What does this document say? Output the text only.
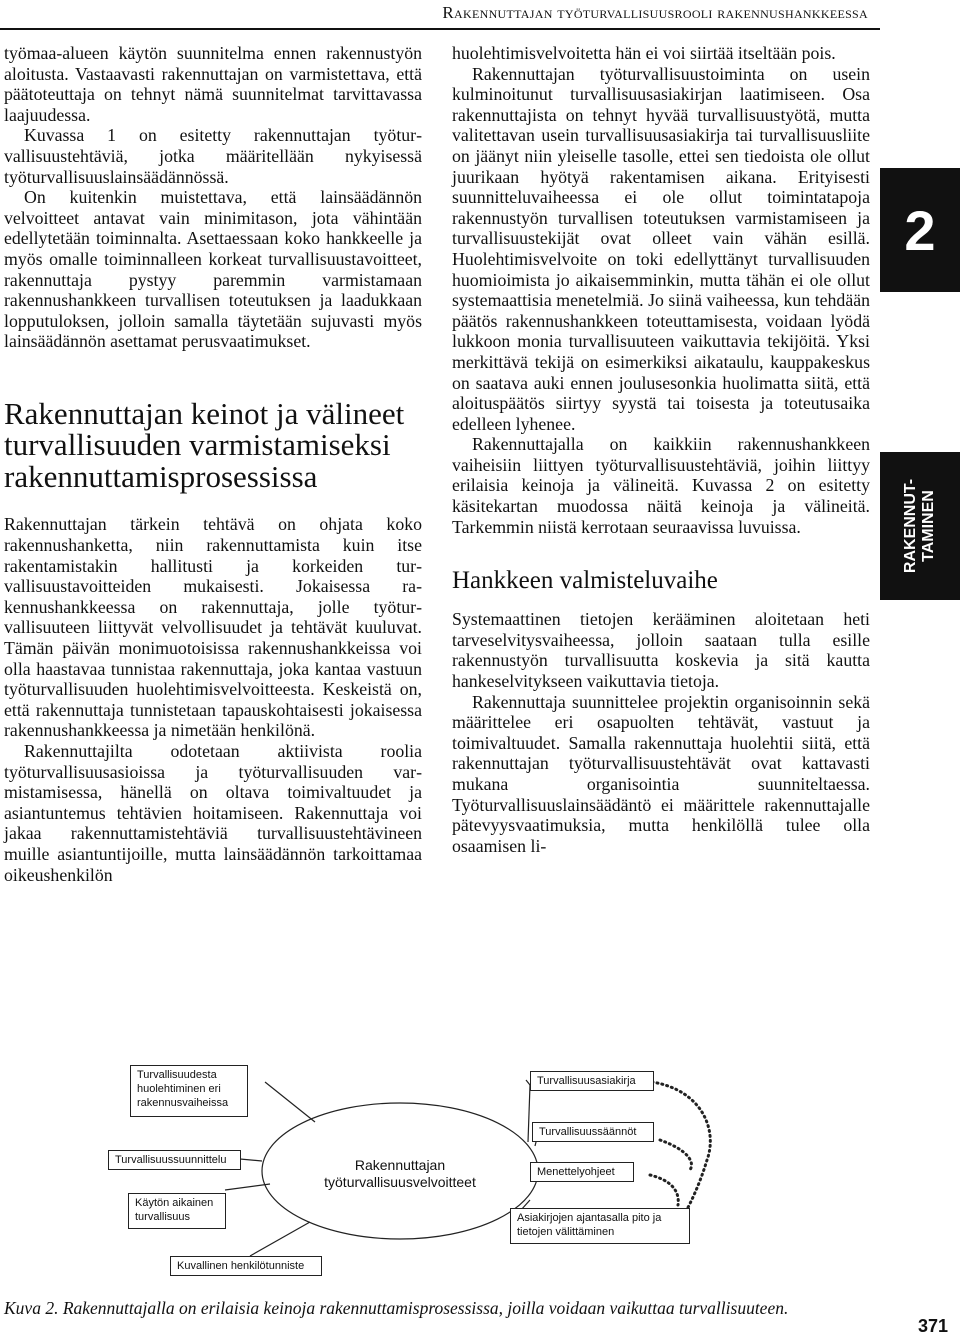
Rakennuttajan työturvallisuusrooli rakennushankkeessa

työmaa-alueen käytön suunnitelma ennen rakennustyön aloitusta. Vastaavasti rakennuttajan on varmistettava, että päätoteuttaja on tehnyt nämä suunnitelmat tarvittavassa laajuudessa.

Kuvassa 1 on esitetty rakennuttajan työturvallisuustehtäviä, jotka määritellään nykyisessä työturvallisuuslainsäädännössä.

On kuitenkin muistettava, että lainsäädännön velvoitteet antavat vain minimitason, jota vähintään edellytetään toiminnalta. Asettaessaan koko hankkeelle ja myös omalle toiminnalleen korkeat turvallisuustavoitteet, rakennuttaja pystyy paremmin varmistamaan rakennushankkeen turvallisen toteutuksen ja laadukkaan lopputuloksen, jolloin samalla täytetään sujuvasti myös lainsäädännön asettamat perusvaatimukset.

Rakennuttajan keinot ja välineet turvallisuuden varmistamiseksi rakennuttamisprosessissa

Rakennuttajan tärkein tehtävä on ohjata koko rakennushanketta, niin rakennuttamista kuin itse rakentamistakin hallitusti ja korkeiden turvallisuustavoitteiden mukaisesti. Jokaisessa rakennushankkeessa on rakennuttaja, jolle työturvallisuuteen liittyvät velvollisuudet ja tehtävät kuuluvat. Tämän päivän monimuotoisissa rakennushankkeissa voi olla haastavaa tunnistaa rakennuttaja, joka kantaa vastuun työturvallisuuden huolehtimisvelvoitteesta. Keskeistä on, että rakennuttaja tunnistetaan tapauskohtaisesti jokaisessa rakennushankkeessa ja nimetään henkilönä.

Rakennuttajilta odotetaan aktiivista roolia työturvallisuusasioissa ja työturvallisuuden varmistamisessa, hänellä on oltava toimivaltuudet ja asiantuntemus tehtävien hoitamiseen. Rakennuttaja voi jakaa rakennuttamistehtäviä turvallisuustehtävineen muille asiantuntijoille, mutta lainsäädännön tarkoittamaa oikeushenkilön

huolehtimisvelvoitetta hän ei voi siirtää itseltään pois.

Rakennuttajan työturvallisuustoiminta on usein kulminoitunut turvallisuusasiakirjan laatimiseen. Osa rakennuttajista on tehnyt hyvää turvallisuustyötä, mutta valitettavan usein turvallisuusasiakirja tai turvallisuusliite on jäänyt niin yleiselle tasolle, ettei sen tiedoista ole ollut juurikaan hyötyä rakentamisen aikana. Erityisesti suunnitteluvaiheessa ei ole ollut toimintatapoja rakennustyön turvallisen toteutuksen varmistamiseen ja turvallisuustekijät ovat olleet vain vähän esillä. Huolehtimisvelvoite on toki edellyttänyt turvallisuuden huomioimista jo aikaisemminkin, mutta tähän ei ole ollut systemaattisia menetelmiä. Jo siinä vaiheessa, kun tehdään päätös rakennushankkeen toteuttamisesta, voidaan lyödä lukkoon monia turvallisuuteen vaikuttavia tekijöitä. Yksi merkittävä tekijä on esimerkiksi aikataulu, kauppakeskus on saatava auki ennen joulusesonkia huolimatta siitä, että aloituspäätös siirtyy syystä tai toisesta ja toteutusaika edelleen lyhenee.

Rakennuttajalla on kaikkiin rakennushankkeen vaiheisiin liittyen työturvallisuustehtäviä, joihin liittyy erilaisia keinoja ja välineitä. Kuvassa 2 on esitetty käsitekartan muodossa näitä keinoja ja välineitä. Tarkemmin niistä kerrotaan seuraavissa luvuissa.

Hankkeen valmisteluvaihe

Systemaattinen tietojen kerääminen aloitetaan heti tarveselvitysvaiheessa, jolloin saataan tulla esille rakennustyön turvallisuutta koskevia ja sitä kautta hankeselvitykseen vaikuttavia tietoja.

Rakennuttaja suunnittelee projektin organisoinnin sekä määrittelee eri osapuolten tehtävät, vastuut ja toimivaltuudet. Samalla rakennuttaja huolehtii siitä, että rakennuttajan työturvallisuustehtävät ovat kattavasti mukana organisointia suunniteltaessa. Työturvallisuuslainsäädäntö ei määrittele rakennuttajalle pätevyysvaatimuksia, mutta henkilöllä tulee olla osaamisen li-

2
RAKENNUT-
TAMINEN
Rakennuttajan työturvallisuusvelvoitteet
Turvallisuudesta huolehtiminen eri rakennusvaiheissa
Turvallisuussuunnittelu
Käytön aikainen turvallisuus
Kuvallinen henkilötunniste
Turvallisuusasiakirja
Turvallisuussäännöt
Menettelyohjeet
Asiakirjojen ajantasalla pito ja tietojen välittäminen
Kuva 2. Rakennuttajalla on erilaisia keinoja rakennuttamisprosessissa, joilla voidaan vaikuttaa turvallisuuteen.
371
